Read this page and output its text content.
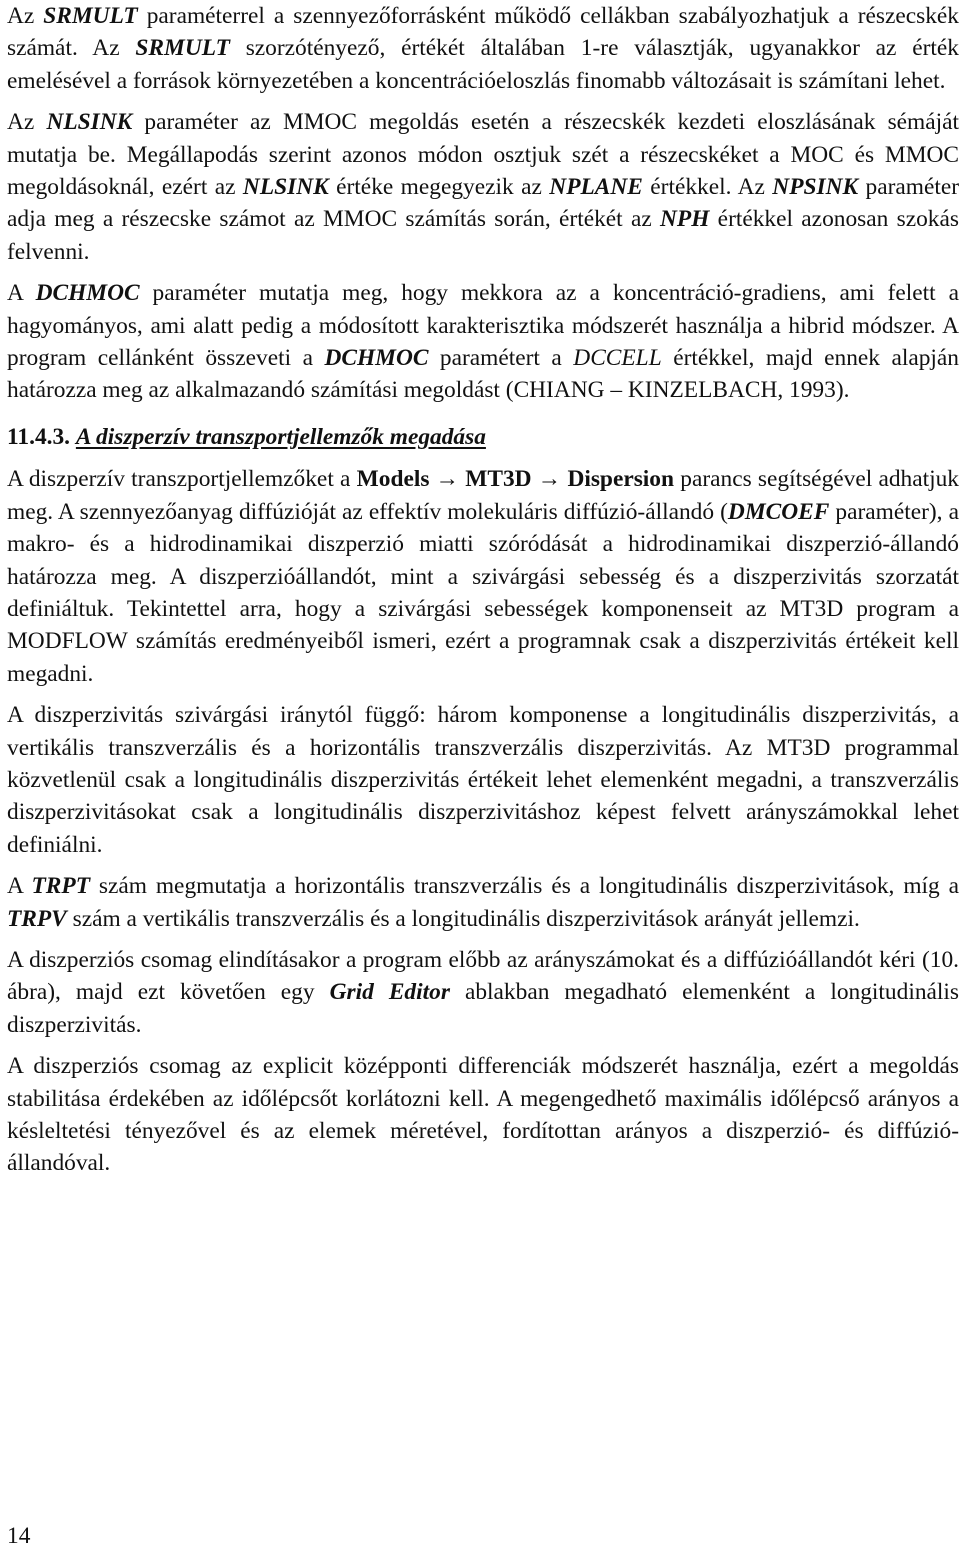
Az SRMULT paraméterrel a szennyezőforrásként működő cellákban szabályozhatjuk a részecskék számát. Az SRMULT szorzótényező, értékét általában 1-re választják, ugyanakkor az érték emelésével a források környezetében a koncentrációeloszlás finomabb változásait is számítani lehet.

Az NLSINK paraméter az MMOC megoldás esetén a részecskék kezdeti eloszlásának sémáját mutatja be. Megállapodás szerint azonos módon osztjuk szét a részecskéket a MOC és MMOC megoldásoknál, ezért az NLSINK értéke megegyezik az NPLANE értékkel. Az NPSINK paraméter adja meg a részecske számot az MMOC számítás során, értékét az NPH értékkel azonosan szokás felvenni.

A DCHMOC paraméter mutatja meg, hogy mekkora az a koncentráció-gradiens, ami felett a hagyományos, ami alatt pedig a módosított karakterisztika módszerét használja a hibrid módszer. A program cellánként összeveti a DCHMOC paramétert a DCCELL értékkel, majd ennek alapján határozza meg az alkalmazandó számítási megoldást (CHIANG – KINZELBACH, 1993).

11.4.3. A diszperzív transzportjellemzők megadása

A diszperzív transzportjellemzőket a Models → MT3D → Dispersion parancs segítségével adhatjuk meg. A szennyezőanyag diffúzióját az effektív molekuláris diffúzió-állandó (DMCOEF paraméter), a makro- és a hidrodinamikai diszperzió miatti szóródását a hidrodinamikai diszperzió-állandó határozza meg. A diszperzióállandót, mint a szivárgási sebesség és a diszperzivitás szorzatát definiáltuk. Tekintettel arra, hogy a szivárgási sebességek komponenseit az MT3D program a MODFLOW számítás eredményeiből ismeri, ezért a programnak csak a diszperzivitás értékeit kell megadni.

A diszperzivitás szivárgási iránytól függő: három komponense a longitudinális diszperzivitás, a vertikális transzverzális és a horizontális transzverzális diszperzivitás. Az MT3D programmal közvetlenül csak a longitudinális diszperzivitás értékeit lehet elemenként megadni, a transzverzális diszperzivitásokat csak a longitudinális diszperzivitáshoz képest felvett arányszámokkal lehet definiálni.

A TRPT szám megmutatja a horizontális transzverzális és a longitudinális diszperzivitások, míg a TRPV szám a vertikális transzverzális és a longitudinális diszperzivitások arányát jellemzi.

A diszperziós csomag elindításakor a program előbb az arányszámokat és a diffúzióállandót kéri (10. ábra), majd ezt követően egy Grid Editor ablakban megadható elemenként a longitudinális diszperzivitás.

A diszperziós csomag az explicit középponti differenciák módszerét használja, ezért a megoldás stabilitása érdekében az időlépcsőt korlátozni kell. A megengedhető maximális időlépcső arányos a késleltetési tényezővel és az elemek méretével, fordítottan arányos a diszperzió- és diffúzió- állandóval.

14
